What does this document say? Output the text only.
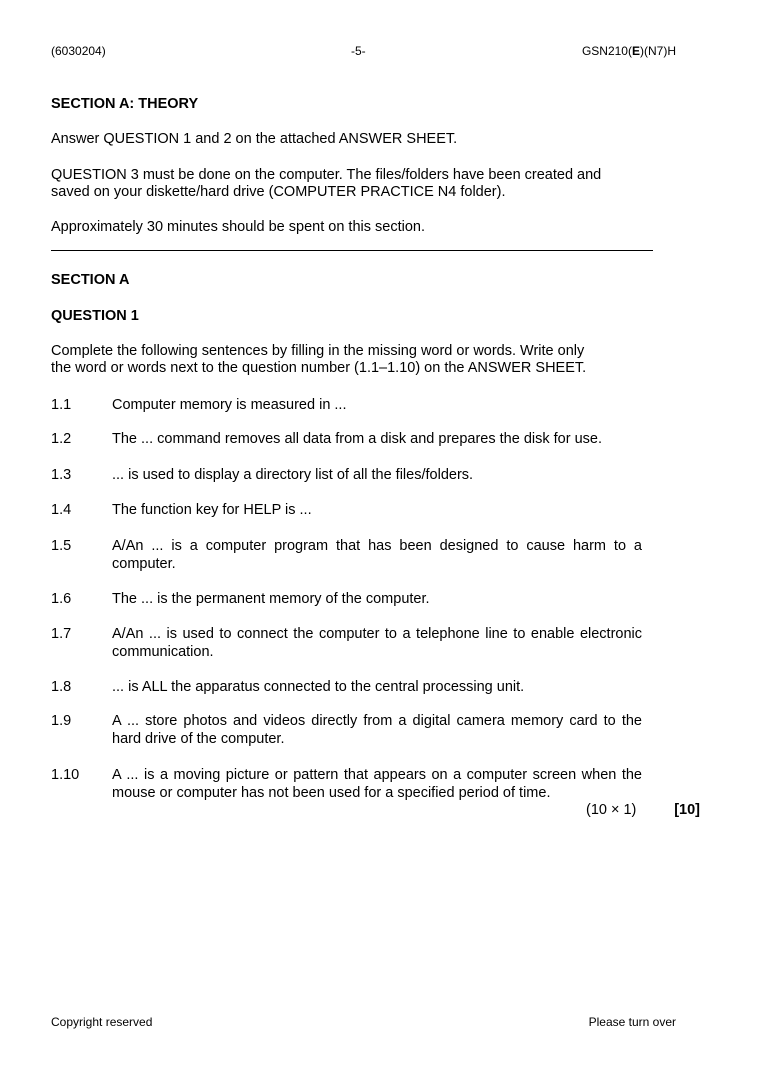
(6030204)	-5-	GSN210(E)(N7)H
SECTION A: THEORY
Answer QUESTION 1 and 2 on the attached ANSWER SHEET.
QUESTION 3 must be done on the computer. The files/folders have been created and
saved on your diskette/hard drive (COMPUTER PRACTICE N4 folder).
Approximately 30 minutes should be spent on this section.
SECTION A
QUESTION 1
Complete the following sentences by filling in the missing word or words. Write only
the word or words next to the question number (1.1–1.10) on the ANSWER SHEET.
1.1	Computer memory is measured in ...
1.2	The ... command removes all data from a disk and prepares the disk for use.
1.3	... is used to display a directory list of all the files/folders.
1.4	The function key for HELP is ...
1.5	A/An ... is a computer program that has been designed to cause harm to a computer.
1.6	The ... is the permanent memory of the computer.
1.7	A/An ... is used to connect the computer to a telephone line to enable electronic communication.
1.8	... is ALL the apparatus connected to the central processing unit.
1.9	A ... store photos and videos directly from a digital camera memory card to the hard drive of the computer.
1.10	A ... is a moving picture or pattern that appears on a computer screen when the mouse or computer has not been used for a specified period of time.
(10 × 1)	[10]
Copyright reserved	Please turn over
